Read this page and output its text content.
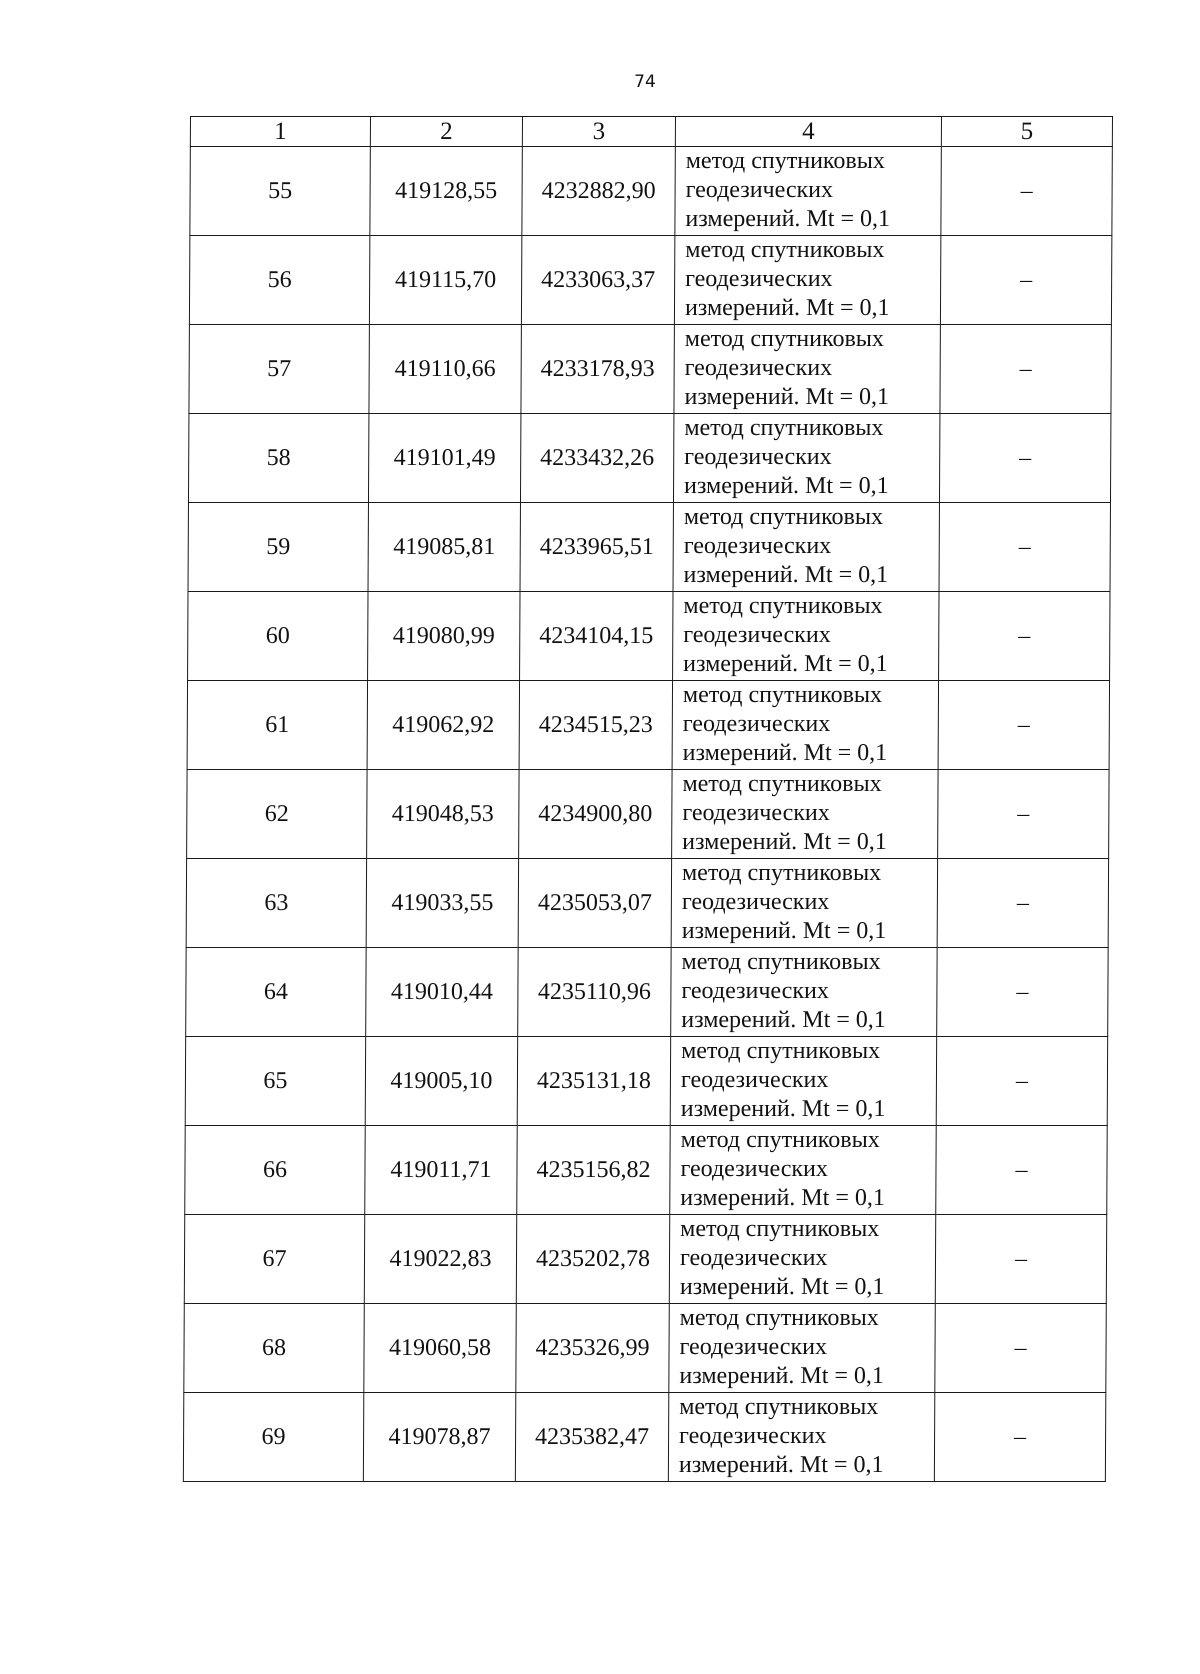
74
1	2	3	4	5
55	419128,55	4232882,90	метод спутниковых
геодезических
измерений. Mt = 0,1	–
56	419115,70	4233063,37	метод спутниковых
геодезических
измерений. Mt = 0,1	–
57	419110,66	4233178,93	метод спутниковых
геодезических
измерений. Mt = 0,1	–
58	419101,49	4233432,26	метод спутниковых
геодезических
измерений. Mt = 0,1	–
59	419085,81	4233965,51	метод спутниковых
геодезических
измерений. Mt = 0,1	–
60	419080,99	4234104,15	метод спутниковых
геодезических
измерений. Mt = 0,1	–
61	419062,92	4234515,23	метод спутниковых
геодезических
измерений. Mt = 0,1	–
62	419048,53	4234900,80	метод спутниковых
геодезических
измерений. Mt = 0,1	–
63	419033,55	4235053,07	метод спутниковых
геодезических
измерений. Mt = 0,1	–
64	419010,44	4235110,96	метод спутниковых
геодезических
измерений. Mt = 0,1	–
65	419005,10	4235131,18	метод спутниковых
геодезических
измерений. Mt = 0,1	–
66	419011,71	4235156,82	метод спутниковых
геодезических
измерений. Mt = 0,1	–
67	419022,83	4235202,78	метод спутниковых
геодезических
измерений. Mt = 0,1	–
68	419060,58	4235326,99	метод спутниковых
геодезических
измерений. Mt = 0,1	–
69	419078,87	4235382,47	метод спутниковых
геодезических
измерений. Mt = 0,1	–
